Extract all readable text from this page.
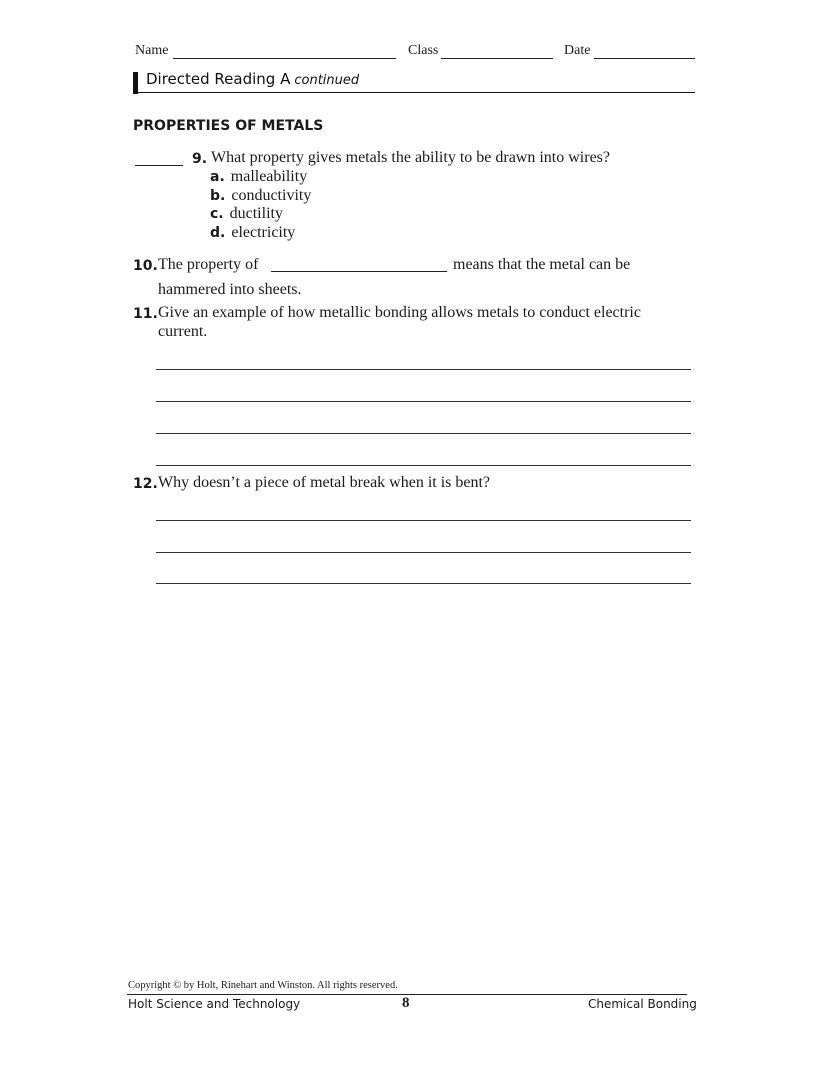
Name	Class	Date
Directed Reading A continued
PROPERTIES OF METALS
9. What property gives metals the ability to be drawn into wires?
a. malleability
b. conductivity
c. ductility
d. electricity
10. The property of	means that the metal can be
hammered into sheets.
11. Give an example of how metallic bonding allows metals to conduct electric
current.
12. Why doesn’t a piece of metal break when it is bent?
Copyright © by Holt, Rinehart and Winston. All rights reserved.
Holt Science and Technology	8	Chemical Bonding
